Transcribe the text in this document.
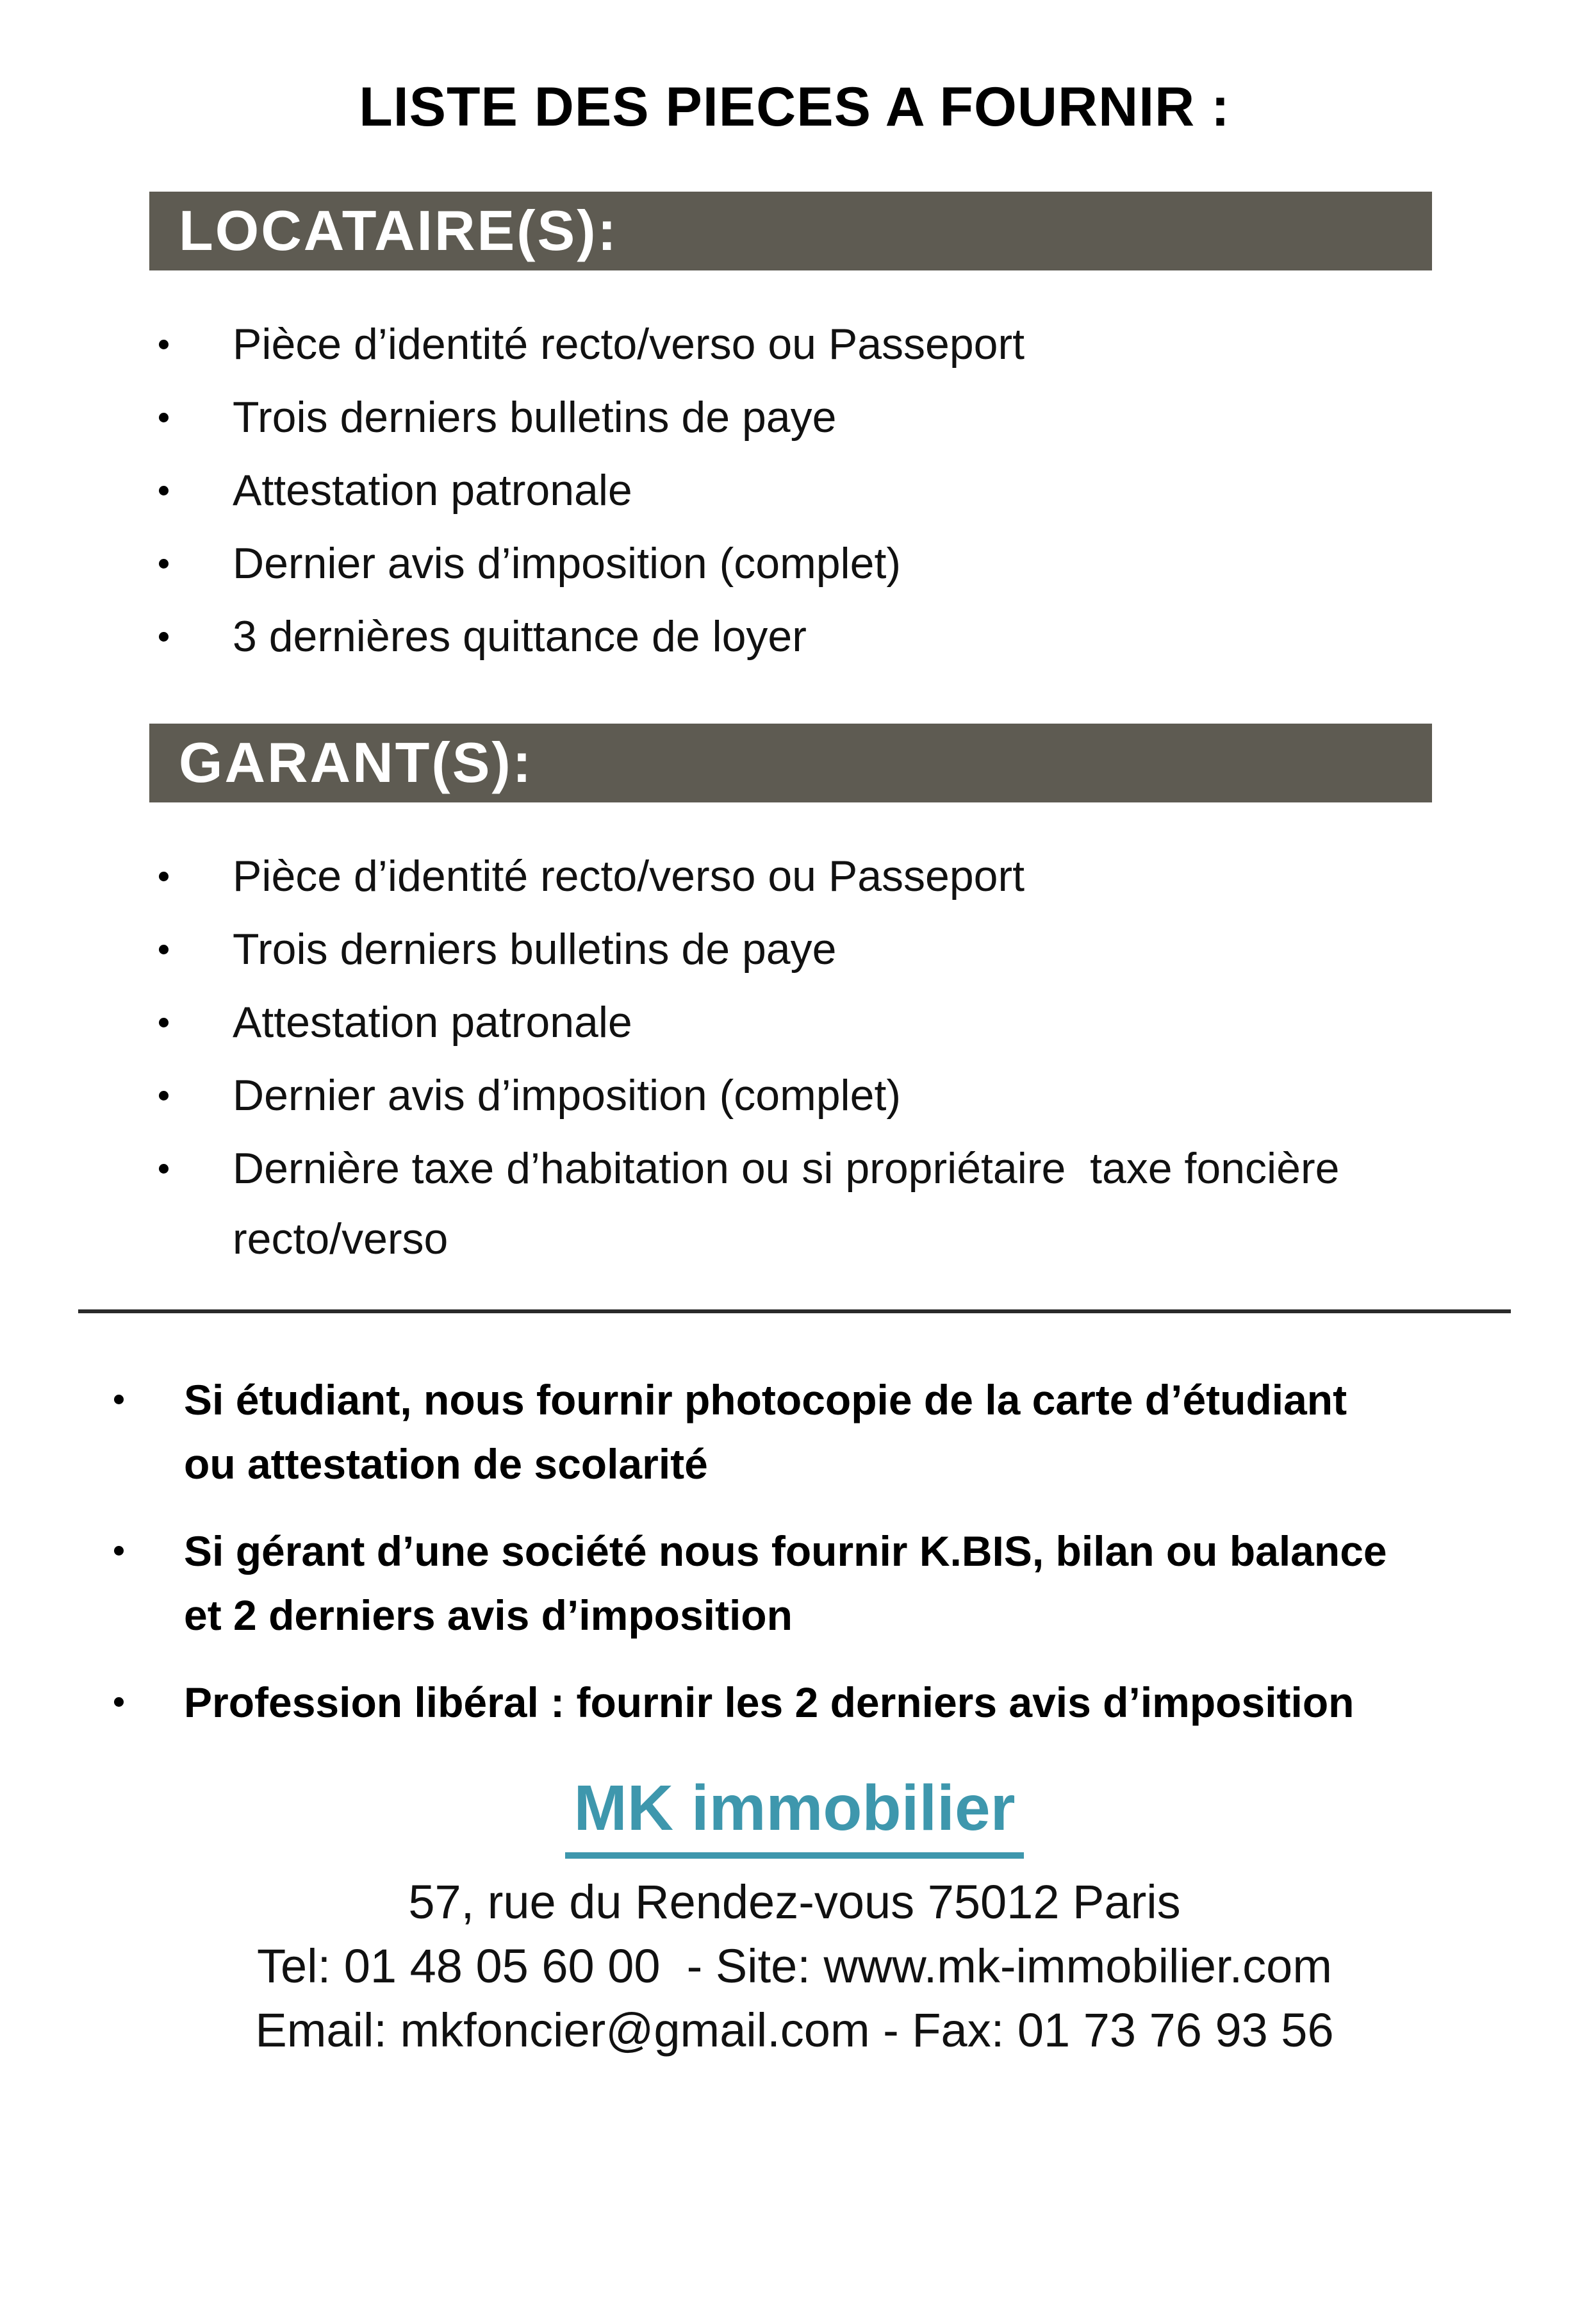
LISTE DES PIECES A FOURNIR :
LOCATAIRE(S):
Pièce d’identité recto/verso ou Passeport
Trois derniers bulletins de paye
Attestation patronale
Dernier avis d’imposition (complet)
3 dernières quittance de loyer
GARANT(S):
Pièce d’identité recto/verso ou Passeport
Trois derniers bulletins de paye
Attestation patronale
Dernier avis d’imposition (complet)
Dernière taxe d’habitation ou si propriétaire  taxe foncière recto/verso
Si étudiant, nous fournir photocopie de la carte d’étudiant ou attestation de scolarité
Si gérant d’une société nous fournir K.BIS, bilan ou balance et 2 derniers avis d’imposition
Profession libéral : fournir les 2 derniers avis d’imposition
MK immobilier
57, rue du Rendez-vous 75012 Paris
Tel: 01 48 05 60 00  - Site: www.mk-immobilier.com
Email: mkfoncier@gmail.com - Fax: 01 73 76 93 56
